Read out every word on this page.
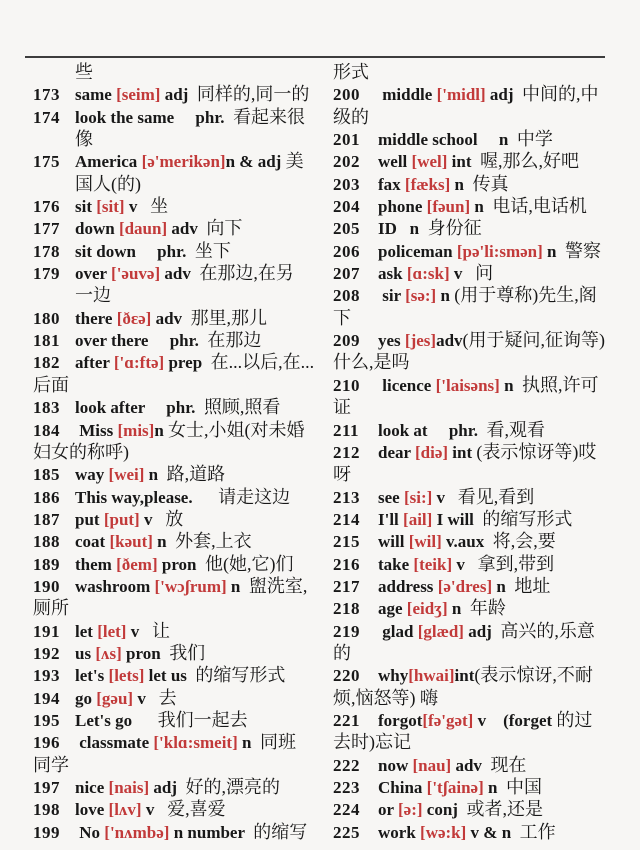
些
173 same [seim] adj  同样的,同一的
174 look the same     phr.  看起来很
像
175 America [ə'merikən]n & adj 美
国人(的)
176 sit [sit] v   坐
177 down [daun] adv  向下
178 sit down     phr.  坐下
179 over ['əuvə] adv  在那边,在另
一边
180 there [ðɛə] adv  那里,那儿
181 over there     phr.  在那边
182 after ['ɑ:ftə] prep  在...以后,在...
后面
183 look after     phr.  照顾,照看
184 Miss [mis]n 女士,小姐(对未婚
妇女的称呼)
185 way [wei] n  路,道路
186 This way,please.      请走这边
187 put [put] v   放
188 coat [kəut] n  外套,上衣
189 them [ðem] pron  他(她,它)们
190 washroom ['wɔʃrum] n  盥洗室,
厕所
191 let [let] v   让
192 us [ʌs] pron  我们
193 let's [lets] let us  的缩写形式
194 go [gəu] v   去
195 Let's go      我们一起去
196 classmate ['klɑ:smeit] n  同班
同学
197 nice [nais] adj  好的,漂亮的
198 love [lʌv] v   爱,喜爱
199 No ['nʌmbə] n number  的缩写
形式
200	middle ['midl] adj  中间的,中
级的
201	middle school     n  中学
202	well [wel] int  喔,那么,好吧
203	fax [fæks] n  传真
204	phone [fəun] n  电话,电话机
205	ID   n  身份征
206	policeman [pə'li:smən] n  警察
207	ask [ɑ:sk] v   问
208	sir [sə:] n (用于尊称)先生,阁
下
209	yes [jes]adv(用于疑问,征询等)
什么,是吗
210	licence ['laisəns] n  执照,许可
证
211	look at     phr.  看,观看
212	dear [diə] int (表示惊讶等)哎
呀
213	see [si:] v   看见,看到
214	I'll [ail] I will  的缩写形式
215	will [wil] v.aux  将,会,要
216	take [teik] v   拿到,带到
217	address [ə'dres] n  地址
218	age [eidʒ] n  年龄
219	glad [glæd] adj  高兴的,乐意
的
220	why[hwai]int(表示惊讶,不耐
烦,恼怒等) 嗨
221	forgot[fə'gət] v    (forget 的过
去时)忘记
222	now [nau] adv  现在
223	China ['tʃainə] n  中国
224	or [ə:] conj  或者,还是
225	work [wə:k] v & n  工作
